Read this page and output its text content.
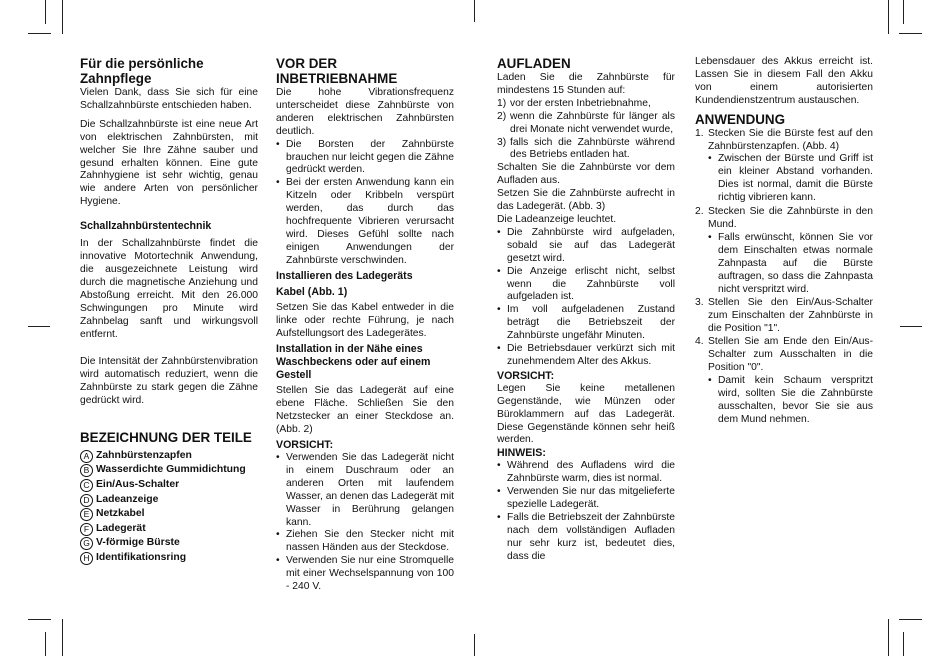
Für die persönliche Zahnpflege

Vielen Dank, dass Sie sich für eine Schallzahnbürste entschieden haben.

Die Schallzahnbürste ist eine neue Art von elektrischen Zahnbürsten, mit welcher Sie Ihre Zähne sauber und gesund erhalten können. Eine gute Zahnhygiene ist sehr wichtig, genau wie andere Arten von persönlicher Hygiene.

Schallzahnbürstentechnik

In der Schallzahnbürste findet die innovative Motortechnik Anwendung, die ausgezeichnete Leistung wird durch die magnetische Anziehung und Abstoßung erreicht. Mit den 26.000 Schwingungen pro Minute wird Zahnbelag sanft und wirkungsvoll entfernt.

Die Intensität der Zahnbürstenvibration wird automatisch reduziert, wenn die Zahnbürste zu stark gegen die Zähne gedrückt wird.

BEZEICHNUNG DER TEILE
A Zahnbürstenzapfen
B Wasserdichte Gummidichtung
C Ein/Aus-Schalter
D Ladeanzeige
E Netzkabel
F Ladegerät
G V-förmige Bürste
H Identifikationsring
VOR DER INBETRIEBNAHME

Die hohe Vibrationsfrequenz unterscheidet diese Zahnbürste von anderen elektrischen Zahnbürsten deutlich.

• Die Borsten der Zahnbürste brauchen nur leicht gegen die Zähne gedrückt werden.
• Bei der ersten Anwendung kann ein Kitzeln oder Kribbeln verspürt werden, das durch das hochfrequente Vibrieren verursacht wird. Dieses Gefühl sollte nach einigen Anwendungen der Zahnbürste verschwinden.
Installieren des Ladegeräts
Kabel (Abb. 1)

Setzen Sie das Kabel entweder in die linke oder rechte Führung, je nach Aufstellungsort des Ladegerätes.

Installation in der Nähe eines Waschbeckens oder auf einem Gestell

Stellen Sie das Ladegerät auf eine ebene Fläche. Schließen Sie den Netzstecker an einer Steckdose an. (Abb. 2)

VORSICHT:
• Verwenden Sie das Ladegerät nicht in einem Duschraum oder an anderen Orten mit laufendem Wasser, an denen das Ladegerät mit Wasser in Berührung gelangen kann.
• Ziehen Sie den Stecker nicht mit nassen Händen aus der Steckdose.
• Verwenden Sie nur eine Stromquelle mit einer Wechselspannung von 100 - 240 V.
AUFLADEN

Laden Sie die Zahnbürste für mindestens 15 Stunden auf:

1) vor der ersten Inbetriebnahme,
2) wenn die Zahnbürste für länger als drei Monate nicht verwendet wurde,
3) falls sich die Zahnbürste während des Betriebs entladen hat.

Schalten Sie die Zahnbürste vor dem Aufladen aus.

Setzen Sie die Zahnbürste aufrecht in das Ladegerät. (Abb. 3)

Die Ladeanzeige leuchtet.

• Die Zahnbürste wird aufgeladen, sobald sie auf das Ladegerät gesetzt wird.
• Die Anzeige erlischt nicht, selbst wenn die Zahnbürste voll aufgeladen ist.
• Im voll aufgeladenen Zustand beträgt die Betriebszeit der Zahnbürste ungefähr Minuten.
• Die Betriebsdauer verkürzt sich mit zunehmendem Alter des Akkus.
VORSICHT:

Legen Sie keine metallenen Gegenstände, wie Münzen oder Büroklammern auf das Ladegerät. Diese Gegenstände können sehr heiß werden.

HINWEIS:
• Während des Aufladens wird die Zahnbürste warm, dies ist normal.
• Verwenden Sie nur das mitgelieferte spezielle Ladegerät.
• Falls die Betriebszeit der Zahnbürste nach dem vollständigen Aufladen nur sehr kurz ist, bedeutet dies, dass die

Lebensdauer des Akkus erreicht ist. Lassen Sie in diesem Fall den Akku von einem autorisierten Kundendienstzentrum austauschen.

ANWENDUNG
1. Stecken Sie die Bürste fest auf den Zahnbürstenzapfen. (Abb. 4)
• Zwischen der Bürste und Griff ist ein kleiner Abstand vorhanden. Dies ist normal, damit die Bürste richtig vibrieren kann.
2. Stecken Sie die Zahnbürste in den Mund.
• Falls erwünscht, können Sie vor dem Einschalten etwas normale Zahnpasta auf die Bürste auftragen, so dass die Zahnpasta nicht verspritzt wird.
3. Stellen Sie den Ein/Aus-Schalter zum Einschalten der Zahnbürste in die Position "1".
4. Stellen Sie am Ende den Ein/Aus-Schalter zum Ausschalten in die Position "0".
• Damit kein Schaum verspritzt wird, sollten Sie die Zahnbürste ausschalten, bevor Sie sie aus dem Mund nehmen.
